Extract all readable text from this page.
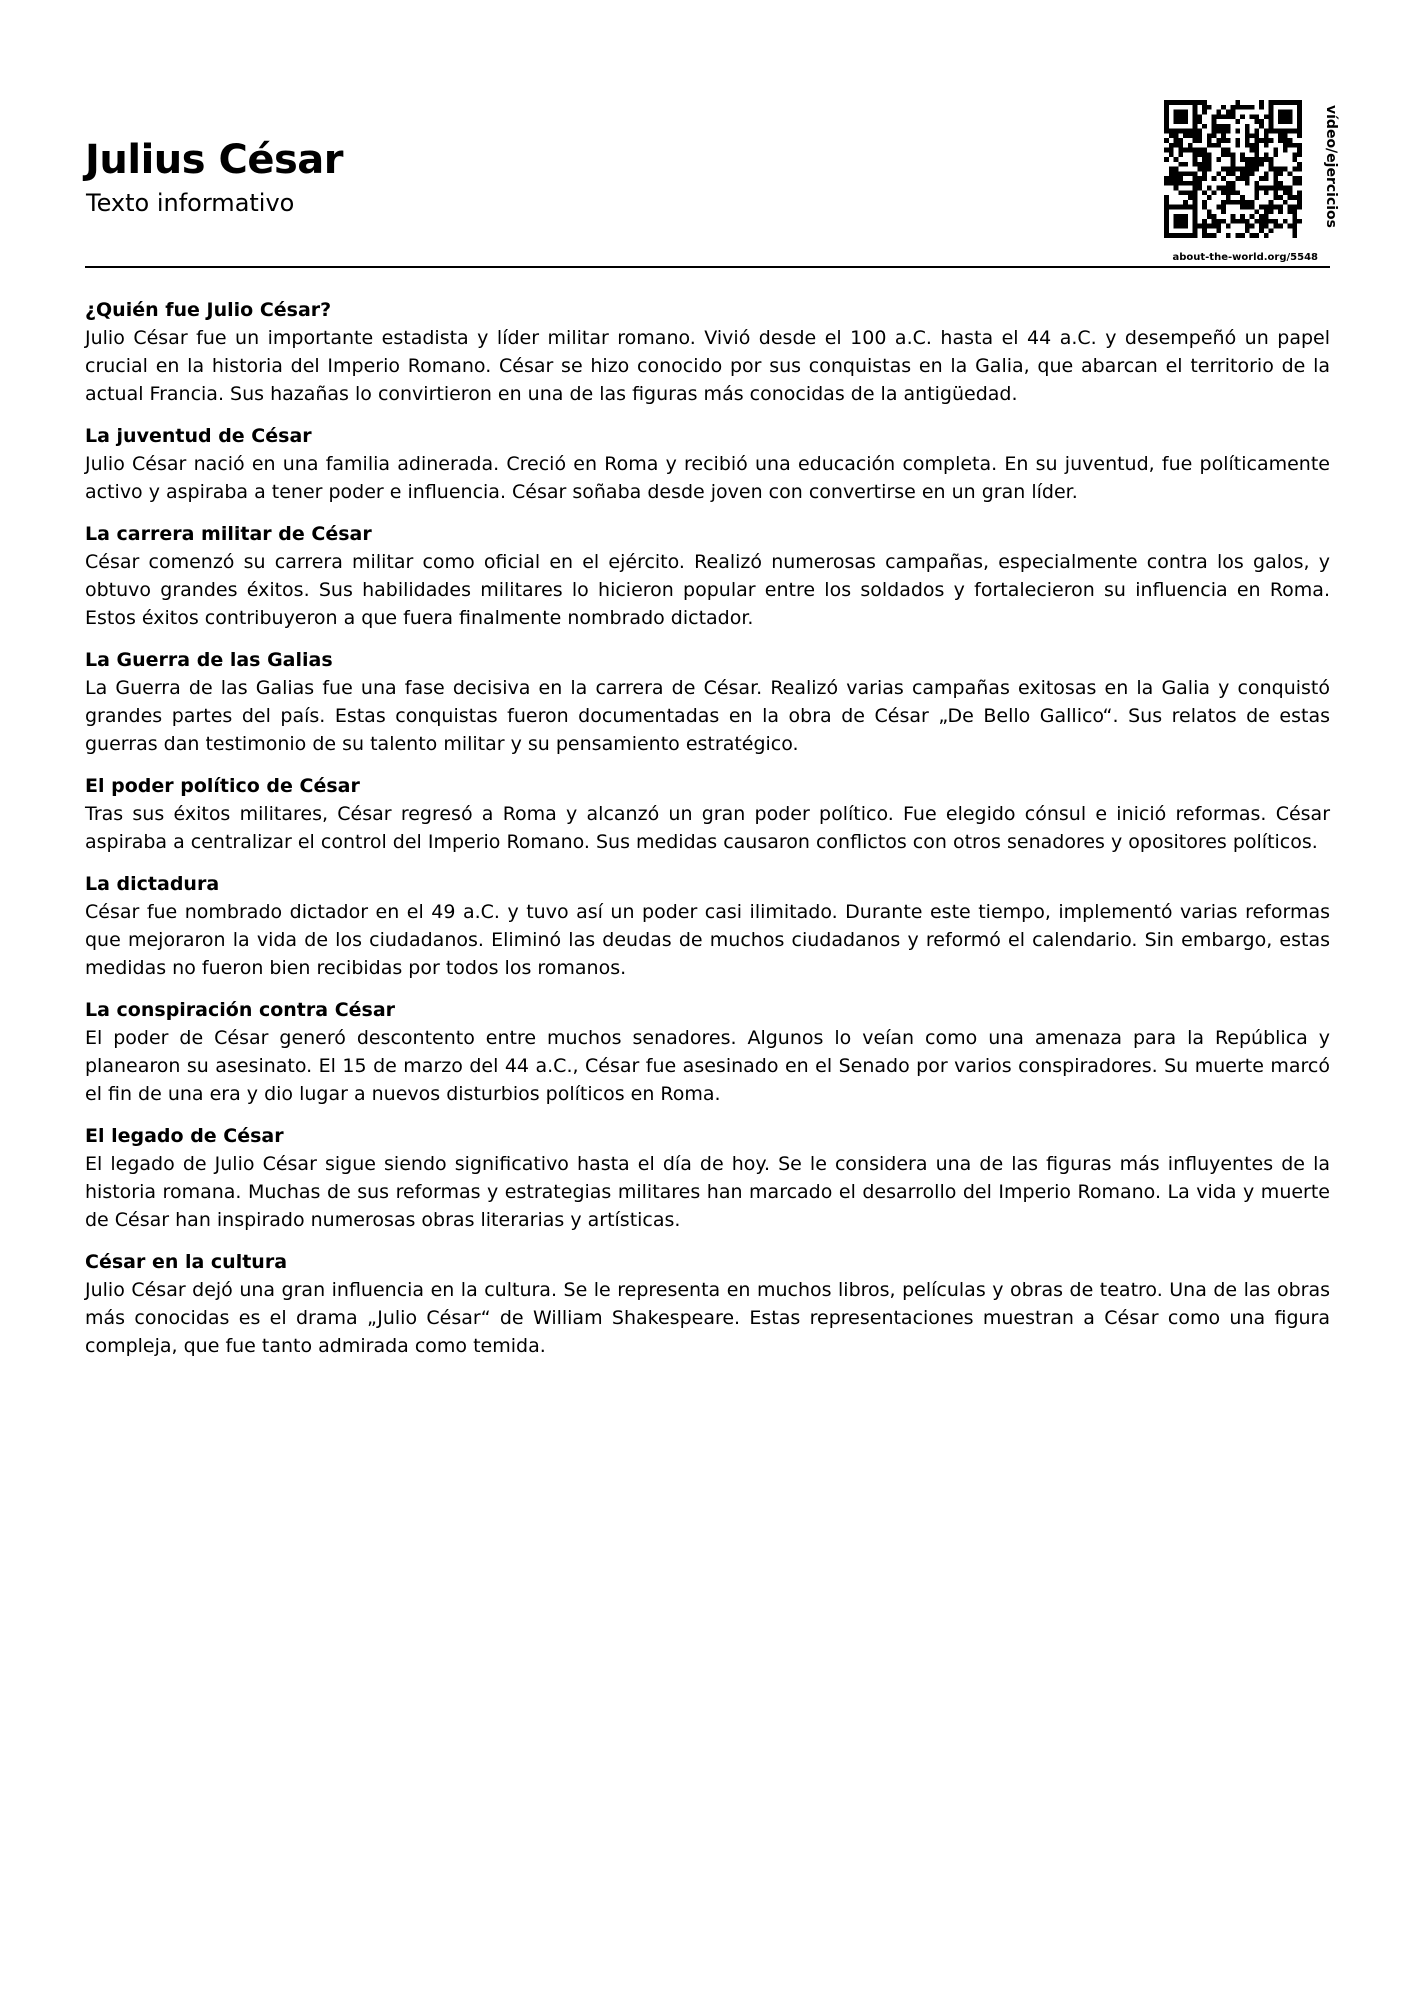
Julius César
Texto informativo	vídeo/ejercicios
about-the-world.org/5548
¿Quién fue Julio César?

Julio César fue un importante estadista y líder militar romano. Vivió desde el 100 a.C. hasta el 44 a.C. y desempeñó un papel crucial en la historia del Imperio Romano. César se hizo conocido por sus conquistas en la Galia, que abarcan el territorio de la actual Francia. Sus hazañas lo convirtieron en una de las figuras más conocidas de la antigüedad.

La juventud de César

Julio César nació en una familia adinerada. Creció en Roma y recibió una educación completa. En su juventud, fue políticamente activo y aspiraba a tener poder e influencia. César soñaba desde joven con convertirse en un gran líder.

La carrera militar de César

César comenzó su carrera militar como oficial en el ejército. Realizó numerosas campañas, especialmente contra los galos, y obtuvo grandes éxitos. Sus habilidades militares lo hicieron popular entre los soldados y fortalecieron su influencia en Roma. Estos éxitos contribuyeron a que fuera finalmente nombrado dictador.

La Guerra de las Galias

La Guerra de las Galias fue una fase decisiva en la carrera de César. Realizó varias campañas exitosas en la Galia y conquistó grandes partes del país. Estas conquistas fueron documentadas en la obra de César „De Bello Gallico“. Sus relatos de estas guerras dan testimonio de su talento militar y su pensamiento estratégico.

El poder político de César

Tras sus éxitos militares, César regresó a Roma y alcanzó un gran poder político. Fue elegido cónsul e inició reformas. César aspiraba a centralizar el control del Imperio Romano. Sus medidas causaron conflictos con otros senadores y opositores políticos.

La dictadura

César fue nombrado dictador en el 49 a.C. y tuvo así un poder casi ilimitado. Durante este tiempo, implementó varias reformas que mejoraron la vida de los ciudadanos. Eliminó las deudas de muchos ciudadanos y reformó el calendario. Sin embargo, estas medidas no fueron bien recibidas por todos los romanos.

La conspiración contra César

El poder de César generó descontento entre muchos senadores. Algunos lo veían como una amenaza para la República y planearon su asesinato. El 15 de marzo del 44 a.C., César fue asesinado en el Senado por varios conspiradores. Su muerte marcó el fin de una era y dio lugar a nuevos disturbios políticos en Roma.

El legado de César

El legado de Julio César sigue siendo significativo hasta el día de hoy. Se le considera una de las figuras más influyentes de la historia romana. Muchas de sus reformas y estrategias militares han marcado el desarrollo del Imperio Romano. La vida y muerte de César han inspirado numerosas obras literarias y artísticas.

César en la cultura

Julio César dejó una gran influencia en la cultura. Se le representa en muchos libros, películas y obras de teatro. Una de las obras más conocidas es el drama „Julio César“ de William Shakespeare. Estas representaciones muestran a César como una figura compleja, que fue tanto admirada como temida.
